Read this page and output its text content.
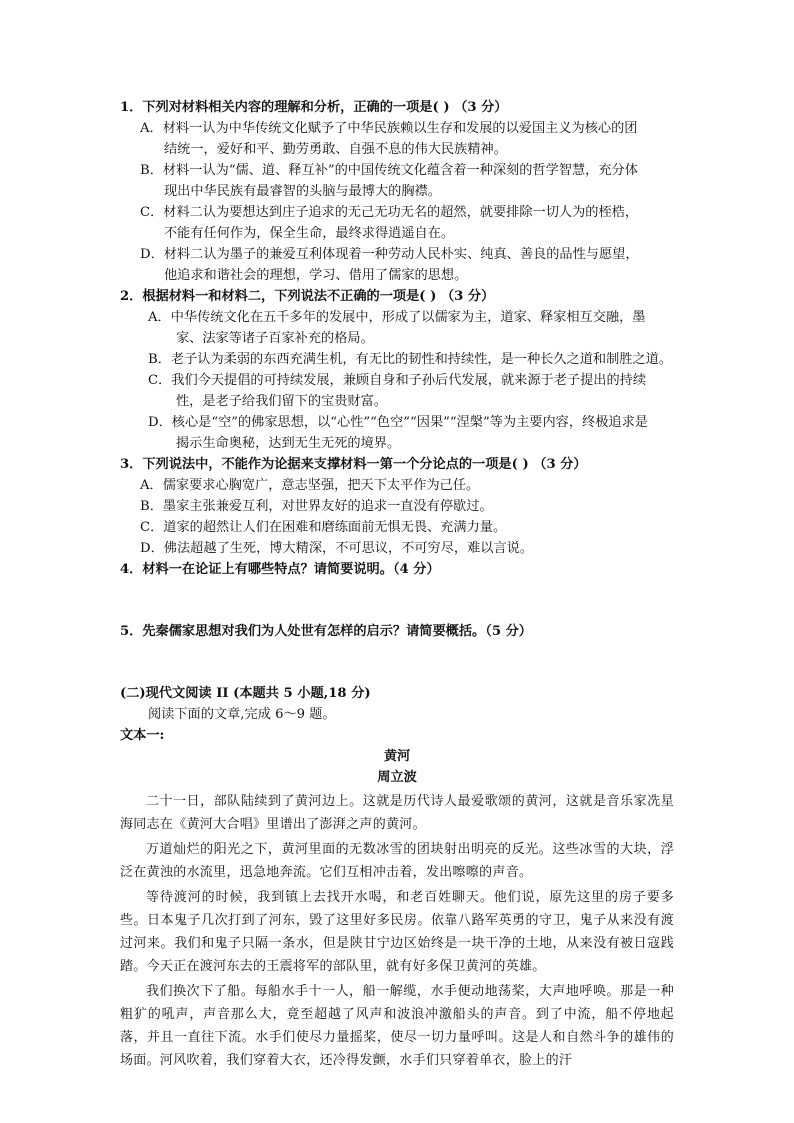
1．下列对材料相关内容的理解和分析，正确的一项是( ) （3 分）
A．材料一认为中华传统文化赋予了中华民族赖以生存和发展的以爱国主义为核心的团
结统一，爱好和平、勤劳勇敢、自强不息的伟大民族精神。
B．材料一认为“儒、道、释互补”的中国传统文化蕴含着一种深刻的哲学智慧，充分体
现出中华民族有最睿智的头脑与最博大的胸襟。
C．材料二认为要想达到庄子追求的无己无功无名的超然，就要排除一切人为的桎梏，
不能有任何作为，保全生命，最终求得逍遥自在。
D．材料二认为墨子的兼爱互利体现着一种劳动人民朴实、纯真、善良的品性与愿望，
他追求和谐社会的理想，学习、借用了儒家的思想。
2．根据材料一和材料二，下列说法不正确的一项是( ) （3 分）
A．中华传统文化在五千多年的发展中，形成了以儒家为主，道家、释家相互交融，墨
家、法家等诸子百家补充的格局。
B．老子认为柔弱的东西充满生机，有无比的韧性和持续性，是一种长久之道和制胜之道。
C．我们今天提倡的可持续发展，兼顾自身和子孙后代发展，就来源于老子提出的持续
性，是老子给我们留下的宝贵财富。
D．核心是“空”的佛家思想，以“心性”“色空”“因果”“涅槃”等为主要内容，终极追求是
揭示生命奥秘，达到无生无死的境界。
3．下列说法中，不能作为论据来支撑材料一第一个分论点的一项是( ) （3 分）
A．儒家要求心胸宽广，意志坚强，把天下太平作为己任。
B．墨家主张兼爱互利，对世界友好的追求一直没有停歇过。
C．道家的超然让人们在困难和磨练面前无惧无畏、充满力量。
D．佛法超越了生死，博大精深，不可思议，不可穷尽，难以言说。
4．材料一在论证上有哪些特点？请简要说明。（4 分）
5．先秦儒家思想对我们为人处世有怎样的启示？请简要概括。（5 分）
(二)现代文阅读 II (本题共 5 小题,18 分)
阅读下面的文章,完成 6～9 题。
文本一:
黄河
周立波
二十一日，部队陆续到了黄河边上。这就是历代诗人最爱歌颂的黄河，这就是音乐家冼星海同志在《黄河大合唱》里谱出了澎湃之声的黄河。
万道灿烂的阳光之下，黄河里面的无数冰雪的团块射出明亮的反光。这些冰雪的大块，浮泛在黄浊的水流里，迅急地奔流。它们互相冲击着，发出嚓嚓的声音。
等待渡河的时候，我到镇上去找开水喝，和老百姓聊天。他们说，原先这里的房子要多些。日本鬼子几次打到了河东，毁了这里好多民房。依靠八路军英勇的守卫，鬼子从来没有渡过河来。我们和鬼子只隔一条水，但是陕甘宁边区始终是一块干净的土地，从来没有被日寇践踏。今天正在渡河东去的王震将军的部队里，就有好多保卫黄河的英雄。
我们换次下了船。每船水手十一人，船一解缆，水手便动地荡桨，大声地呼唤。那是一种粗犷的吼声，声音那么大，竟至超越了风声和波浪冲激船头的声音。到了中流，船不停地起落，并且一直往下流。水手们使尽力量摇桨，使尽一切力量呼叫。这是人和自然斗争的雄伟的场面。河风吹着，我们穿着大衣，还冷得发颤，水手们只穿着单衣，脸上的汗
